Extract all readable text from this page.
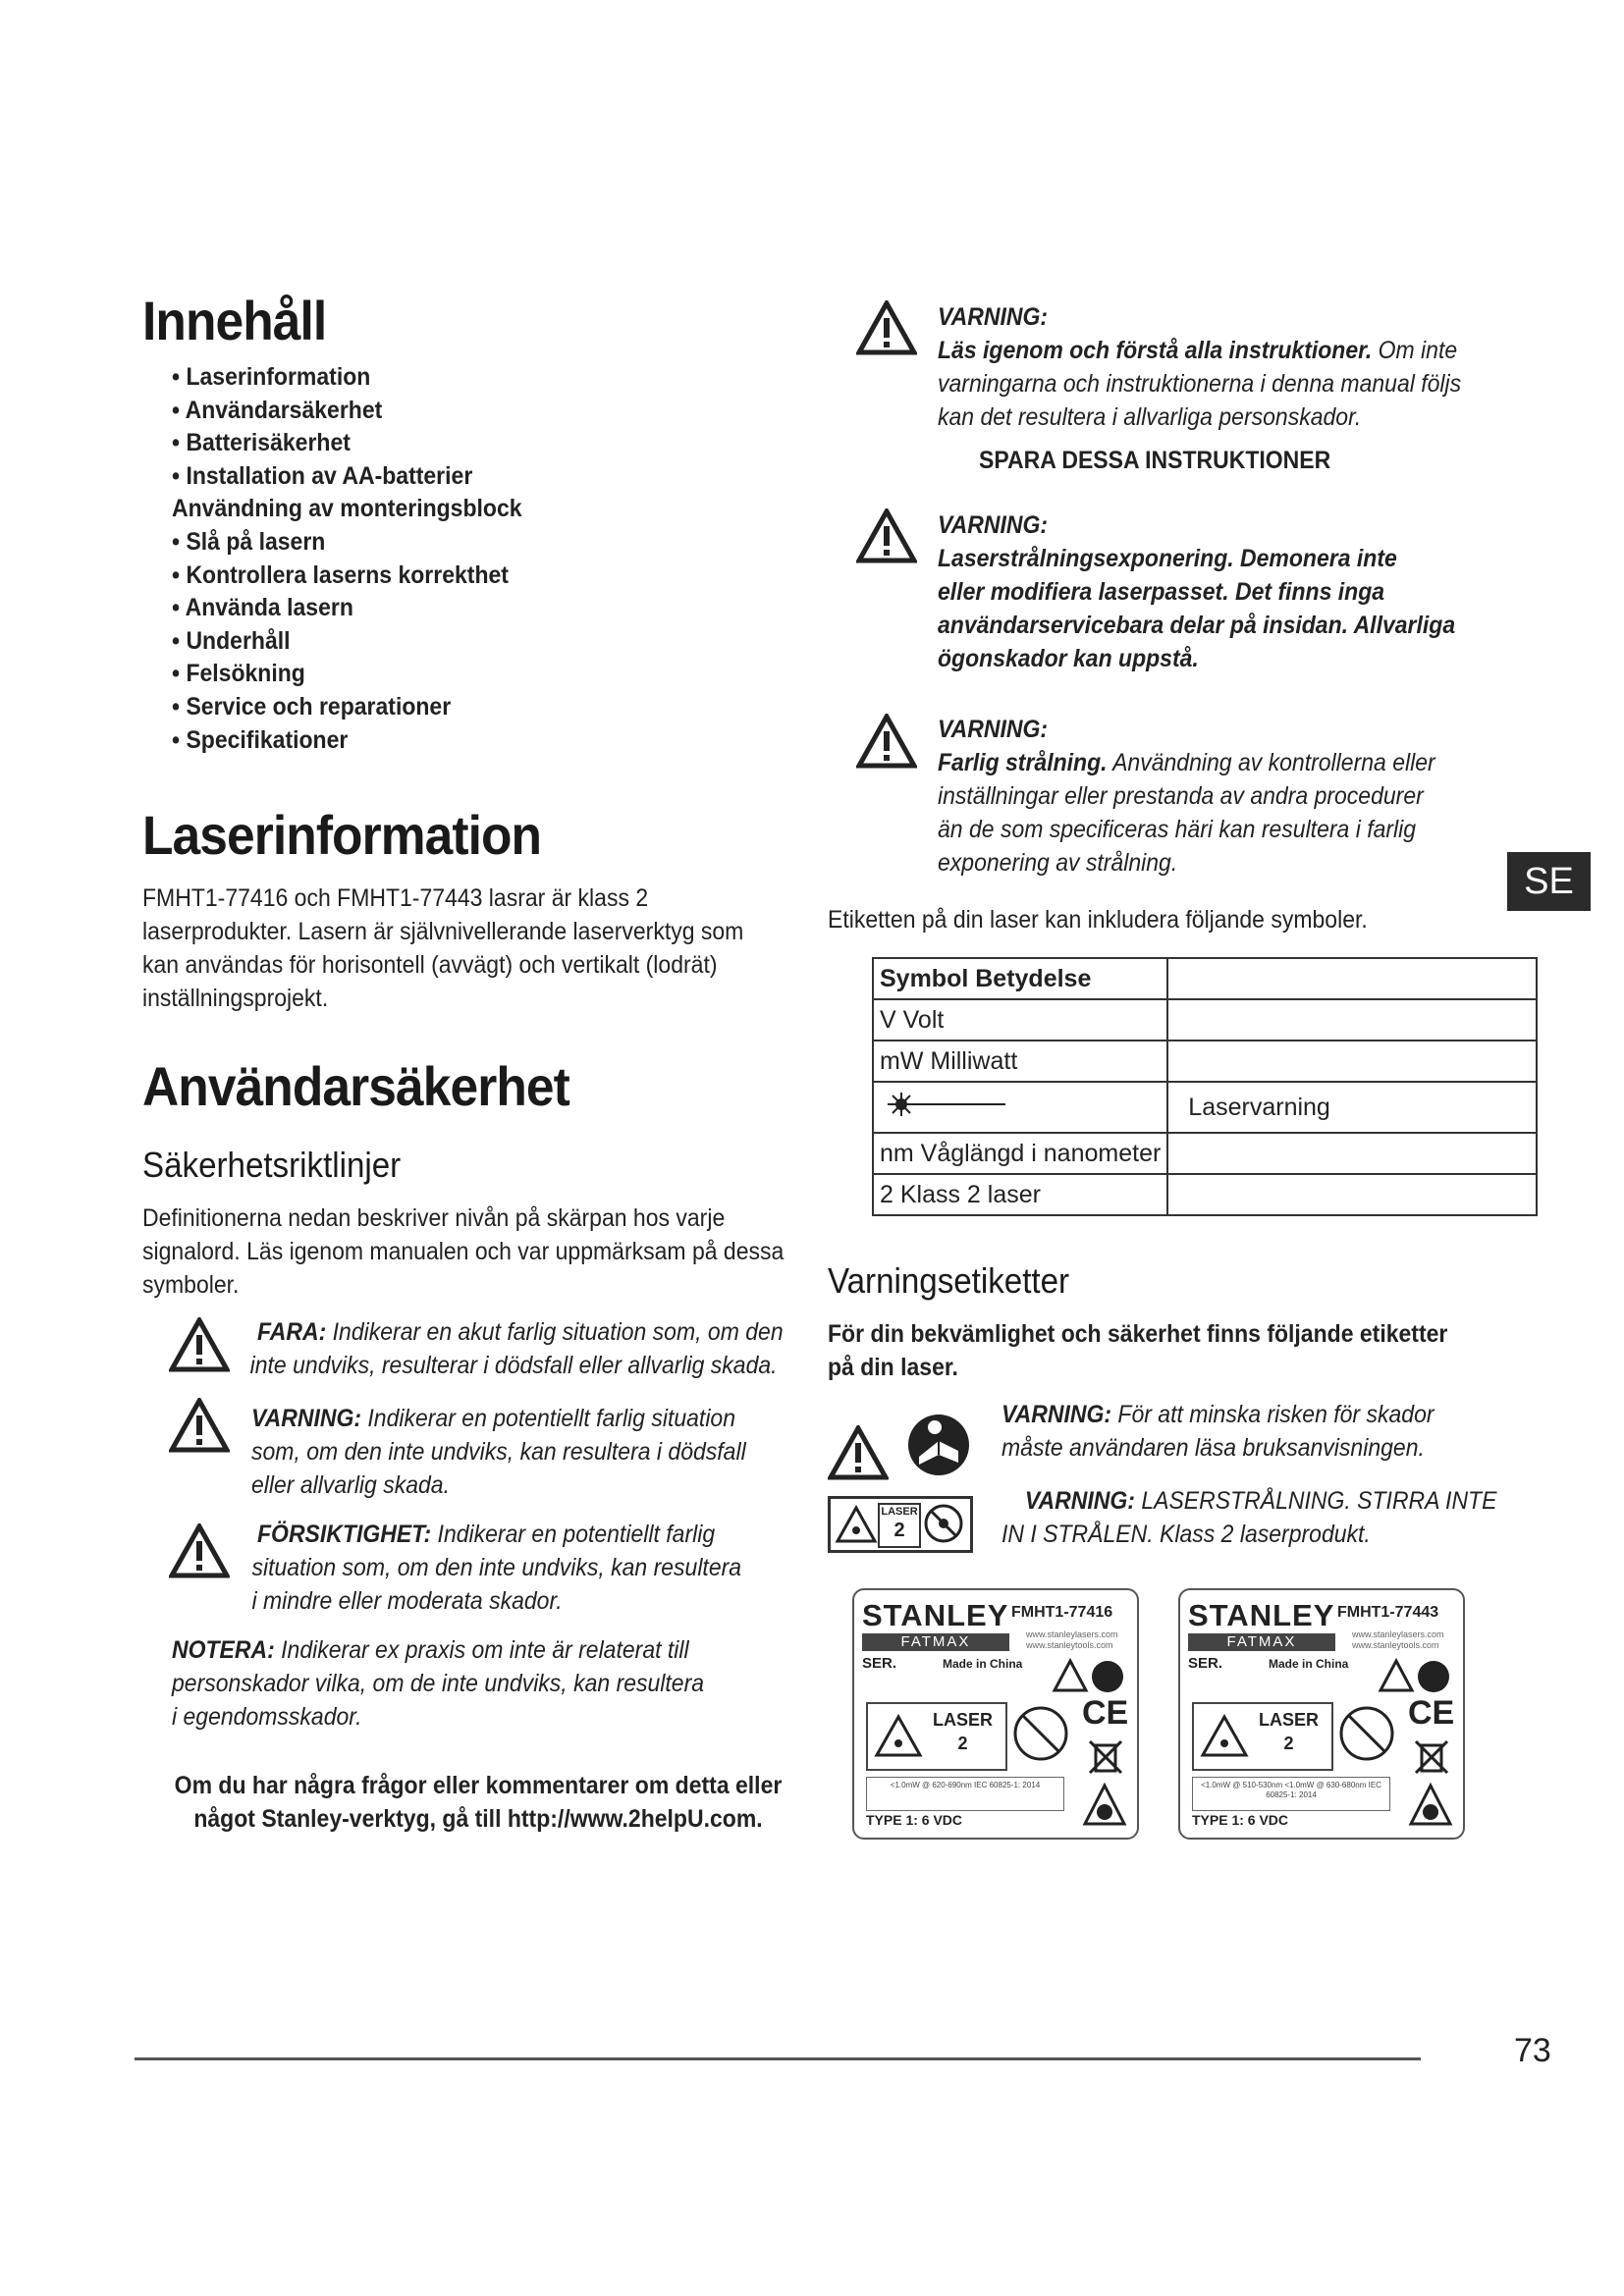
Innehåll
• Laserinformation
• Användarsäkerhet
• Batterisäkerhet
• Installation av AA-batterier
Användning av monteringsblock
• Slå på lasern
• Kontrollera laserns korrekthet
• Använda lasern
• Underhåll
• Felsökning
• Service och reparationer
• Specifikationer
Laserinformation
FMHT1-77416 och FMHT1-77443 lasrar är klass 2
laserprodukter. Lasern är självnivellerande laserverktyg som
kan användas för horisontell (avvägt) och vertikalt (lodrät)
inställningsprojekt.
Användarsäkerhet
Säkerhetsriktlinjer
Definitionerna nedan beskriver nivån på skärpan hos varje
signalord. Läs igenom manualen och var uppmärksam på dessa
symboler.
FARA: Indikerar en akut farlig situation som, om den
inte undviks, resulterar i dödsfall eller allvarlig skada.
VARNING: Indikerar en potentiellt farlig situation
som, om den inte undviks, kan resultera i dödsfall
eller allvarlig skada.
FÖRSIKTIGHET: Indikerar en potentiellt farlig
situation som, om den inte undviks, kan resultera
i mindre eller moderata skador.
NOTERA: Indikerar ex praxis om inte är relaterat till
personskador vilka, om de inte undviks, kan resultera
i egendomsskador.
Om du har några frågor eller kommentarer om detta eller
något Stanley-verktyg, gå till http://www.2helpU.com.
VARNING:
Läs igenom och förstå alla instruktioner. Om inte
varningarna och instruktionerna i denna manual följs
kan det resultera i allvarliga personskador.
SPARA DESSA INSTRUKTIONER
VARNING:
Laserstrålningsexponering. Demonera inte
eller modifiera laserpasset. Det finns inga
användarservicebara delar på insidan. Allvarliga
ögonskador kan uppstå.
VARNING:
Farlig strålning. Användning av kontrollerna eller
inställningar eller prestanda av andra procedurer
än de som specificeras häri kan resultera i farlig
exponering av strålning.
Etiketten på din laser kan inkludera följande symboler.
Symbol Betydelse	
V Volt	
mW Milliwatt	
	Laservarning
nm Våglängd i nanometer	
2 Klass 2 laser	
Varningsetiketter
För din bekvämlighet och säkerhet finns följande etiketter
på din laser.
VARNING: För att minska risken för skador
måste användaren läsa bruksanvisningen.
LASER
2
VARNING: LASERSTRÅLNING. STIRRA INTE
IN I STRÅLEN. Klass 2 laserprodukt.
STANLEY FMHT1-77416
FATMAX	www.stanleylasers.com www.stanleytools.com
SER.	Made in China
LASER
2
CE
<1.0mW @ 620-690nm IEC 60825-1: 2014
TYPE 1: 6 VDC
STANLEY FMHT1-77443
FATMAX	www.stanleylasers.com www.stanleytools.com
SER.	Made in China
LASER
2
CE
<1.0mW @ 510-530nm <1.0mW @ 630-680nm IEC 60825-1: 2014
TYPE 1: 6 VDC
SE
73
